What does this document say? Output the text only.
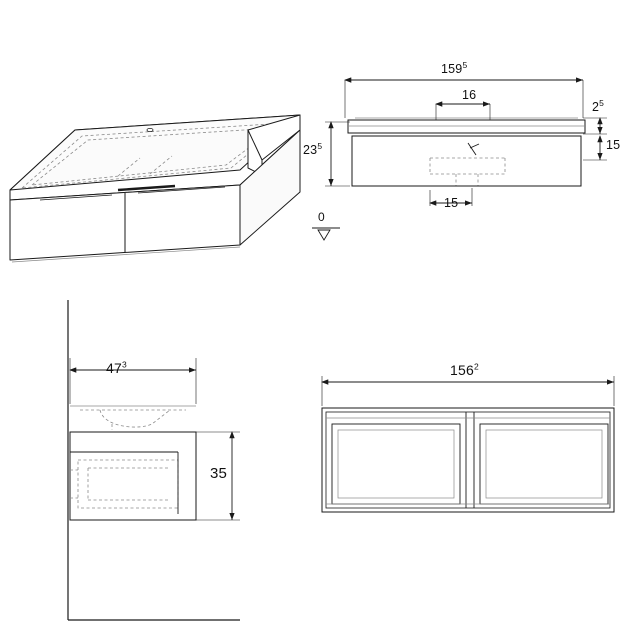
$159^5$
16
$23^5$
$2^5$
15
15
0
$47^3$
35
$156^2$
